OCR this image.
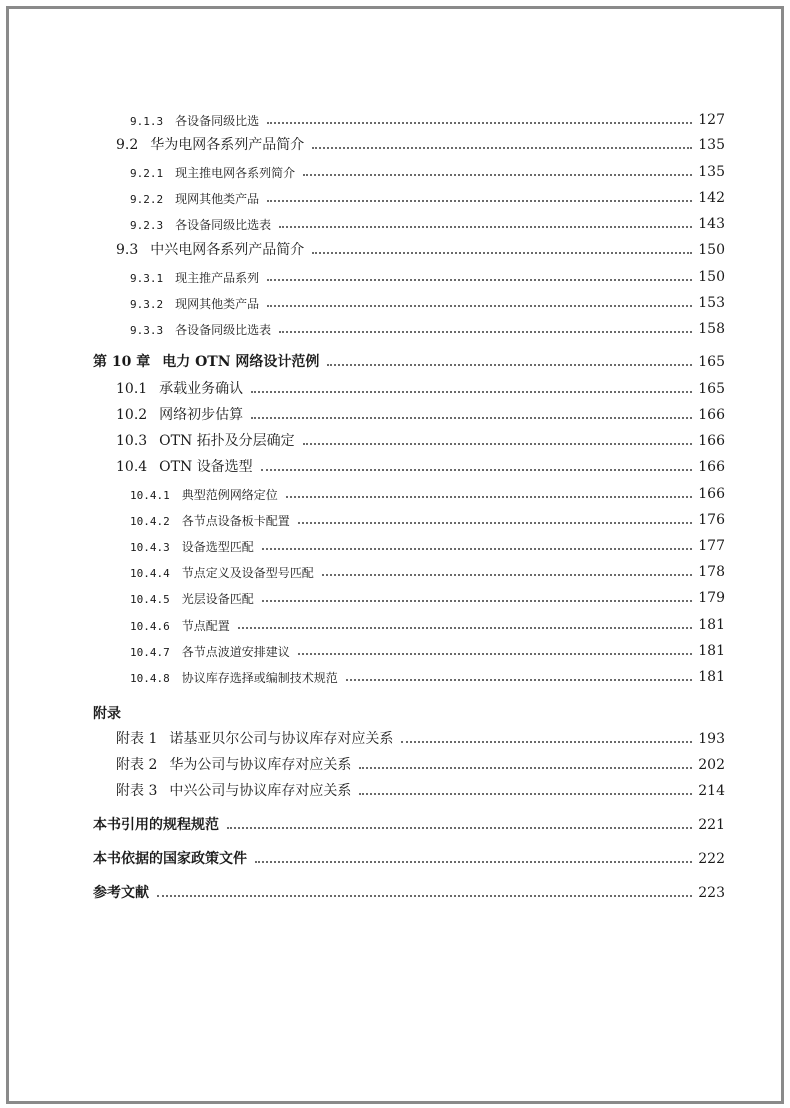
附录
9.1.3 各设备同级比选	127
9.2 华为电网各系列产品简介	135
9.2.1 现主推电网各系列简介	135
9.2.2 现网其他类产品	142
9.2.3 各设备同级比选表	143
9.3 中兴电网各系列产品简介	150
9.3.1 现主推产品系列	150
9.3.2 现网其他类产品	153
9.3.3 各设备同级比选表	158
第 10 章 电力 OTN 网络设计范例	165
10.1 承载业务确认	165
10.2 网络初步估算	166
10.3 OTN 拓扑及分层确定	166
10.4 OTN 设备选型	166
10.4.1 典型范例网络定位	166
10.4.2 各节点设备板卡配置	176
10.4.3 设备选型匹配	177
10.4.4 节点定义及设备型号匹配	178
10.4.5 光层设备匹配	179
10.4.6 节点配置	181
10.4.7 各节点波道安排建议	181
10.4.8 协议库存选择或编制技术规范	181
附表 1 诺基亚贝尔公司与协议库存对应关系	193
附表 2 华为公司与协议库存对应关系	202
附表 3 中兴公司与协议库存对应关系	214
本书引用的规程规范	221
本书依据的国家政策文件	222
参考文献	223
